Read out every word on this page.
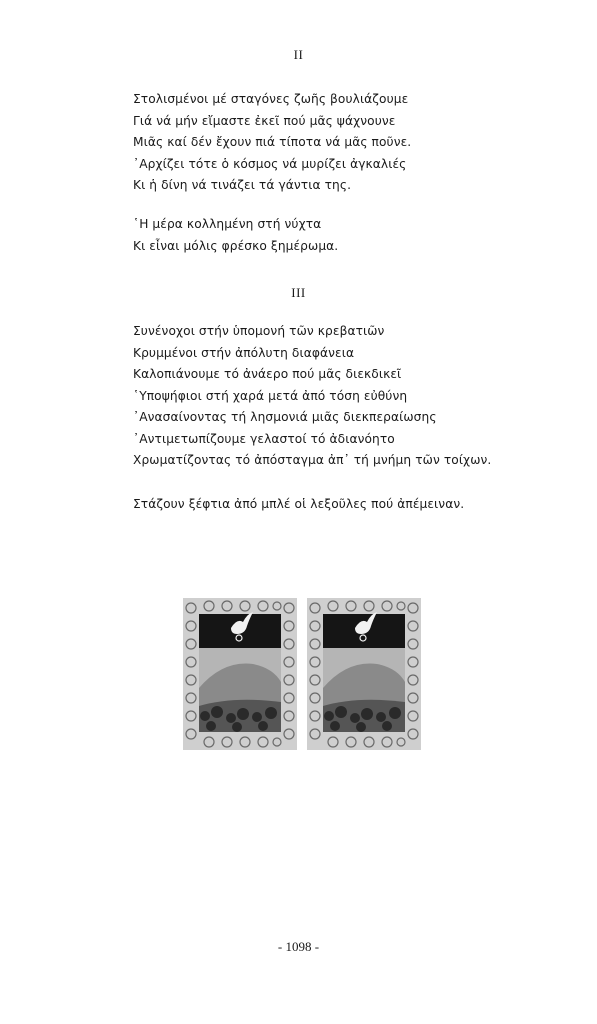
II
Στολισμένοι μέ σταγόνες ζωῆς βουλιάζουμε
Γιά νά μήν εἴμαστε ἐκεῖ πού μᾶς ψάχνουνε
Μιᾶς καί δέν ἔχουν πιά τίποτα νά μᾶς ποῦνε.
᾿Αρχίζει τότε ὁ κόσμος νά μυρίζει ἀγκαλιές
Κι ἡ δίνη νά τινάζει τά γάντια της.
῾Η μέρα κολλημένη στή νύχτα
Κι εἶναι μόλις φρέσκο ξημέρωμα.
III
Συνένοχοι στήν ὑπομονή τῶν κρεβατιῶν
Κρυμμένοι στήν ἀπόλυτη διαφάνεια
Καλοπιάνουμε τό ἀνάερο πού μᾶς διεκδικεῖ
῾Υποψήφιοι στή χαρά μετά ἀπό τόση εὐθύνη
᾿Ανασαίνοντας τή λησμονιά μιᾶς διεκπεραίωσης
᾿Αντιμετωπίζουμε γελαστοί τό ἀδιανόητο
Χρωματίζοντας τό ἀπόσταγμα ἀπ᾿ τή μνήμη τῶν τοίχων.
Στάζουν ξέφτια ἀπό μπλέ οἱ λεξοῦλες πού ἀπέμειναν.
- 1098 -
